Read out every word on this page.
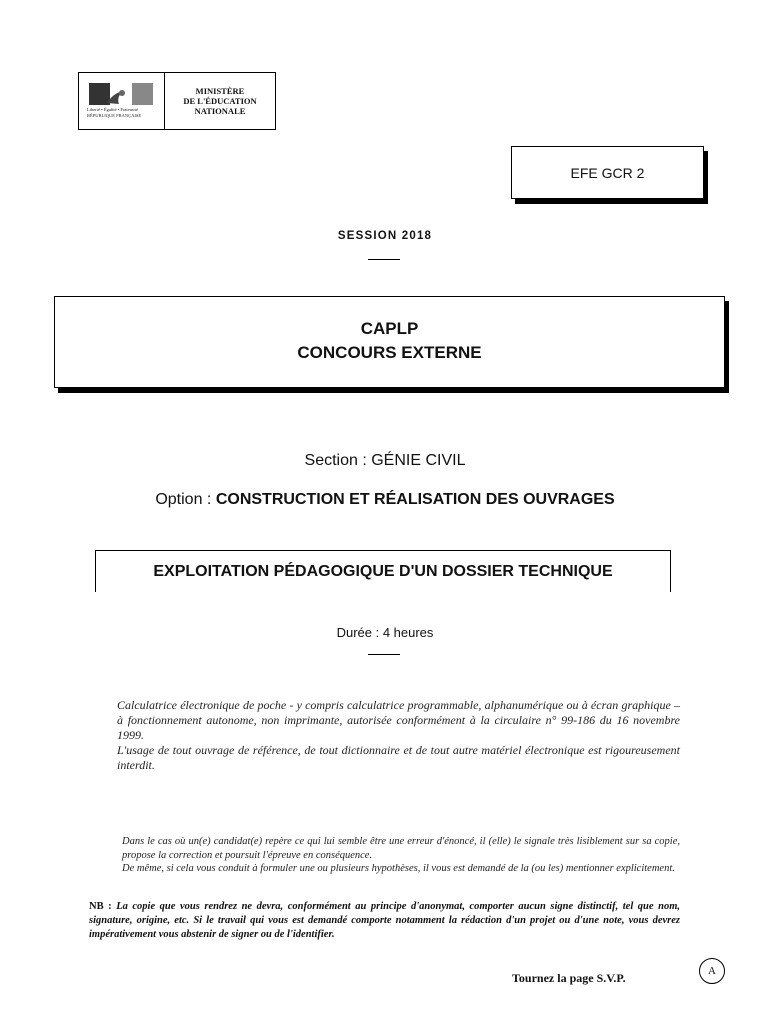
Liberté • Égalité • Fraternité RÉPUBLIQUE FRANÇAISE
MINISTÈRE
DE L'ÉDUCATION
NATIONALE
EFE GCR 2
SESSION 2018
CAPLP
CONCOURS EXTERNE
Section : GÉNIE CIVIL
Option : CONSTRUCTION ET RÉALISATION DES OUVRAGES
EXPLOITATION PÉDAGOGIQUE D'UN DOSSIER TECHNIQUE
Durée : 4 heures
Calculatrice électronique de poche - y compris calculatrice programmable, alphanumérique ou à écran graphique – à fonctionnement autonome, non imprimante, autorisée conformément à la circulaire n° 99-186 du 16 novembre 1999.
L'usage de tout ouvrage de référence, de tout dictionnaire et de tout autre matériel électronique est rigoureusement interdit.
Dans le cas où un(e) candidat(e) repère ce qui lui semble être une erreur d'énoncé, il (elle) le signale très lisiblement sur sa copie, propose la correction et poursuit l'épreuve en conséquence.
De même, si cela vous conduit à formuler une ou plusieurs hypothèses, il vous est demandé de la (ou les) mentionner explicitement.
NB : La copie que vous rendrez ne devra, conformément au principe d'anonymat, comporter aucun signe distinctif, tel que nom, signature, origine, etc. Si le travail qui vous est demandé comporte notamment la rédaction d'un projet ou d'une note, vous devrez impérativement vous abstenir de signer ou de l'identifier.
Tournez la page S.V.P.	A
